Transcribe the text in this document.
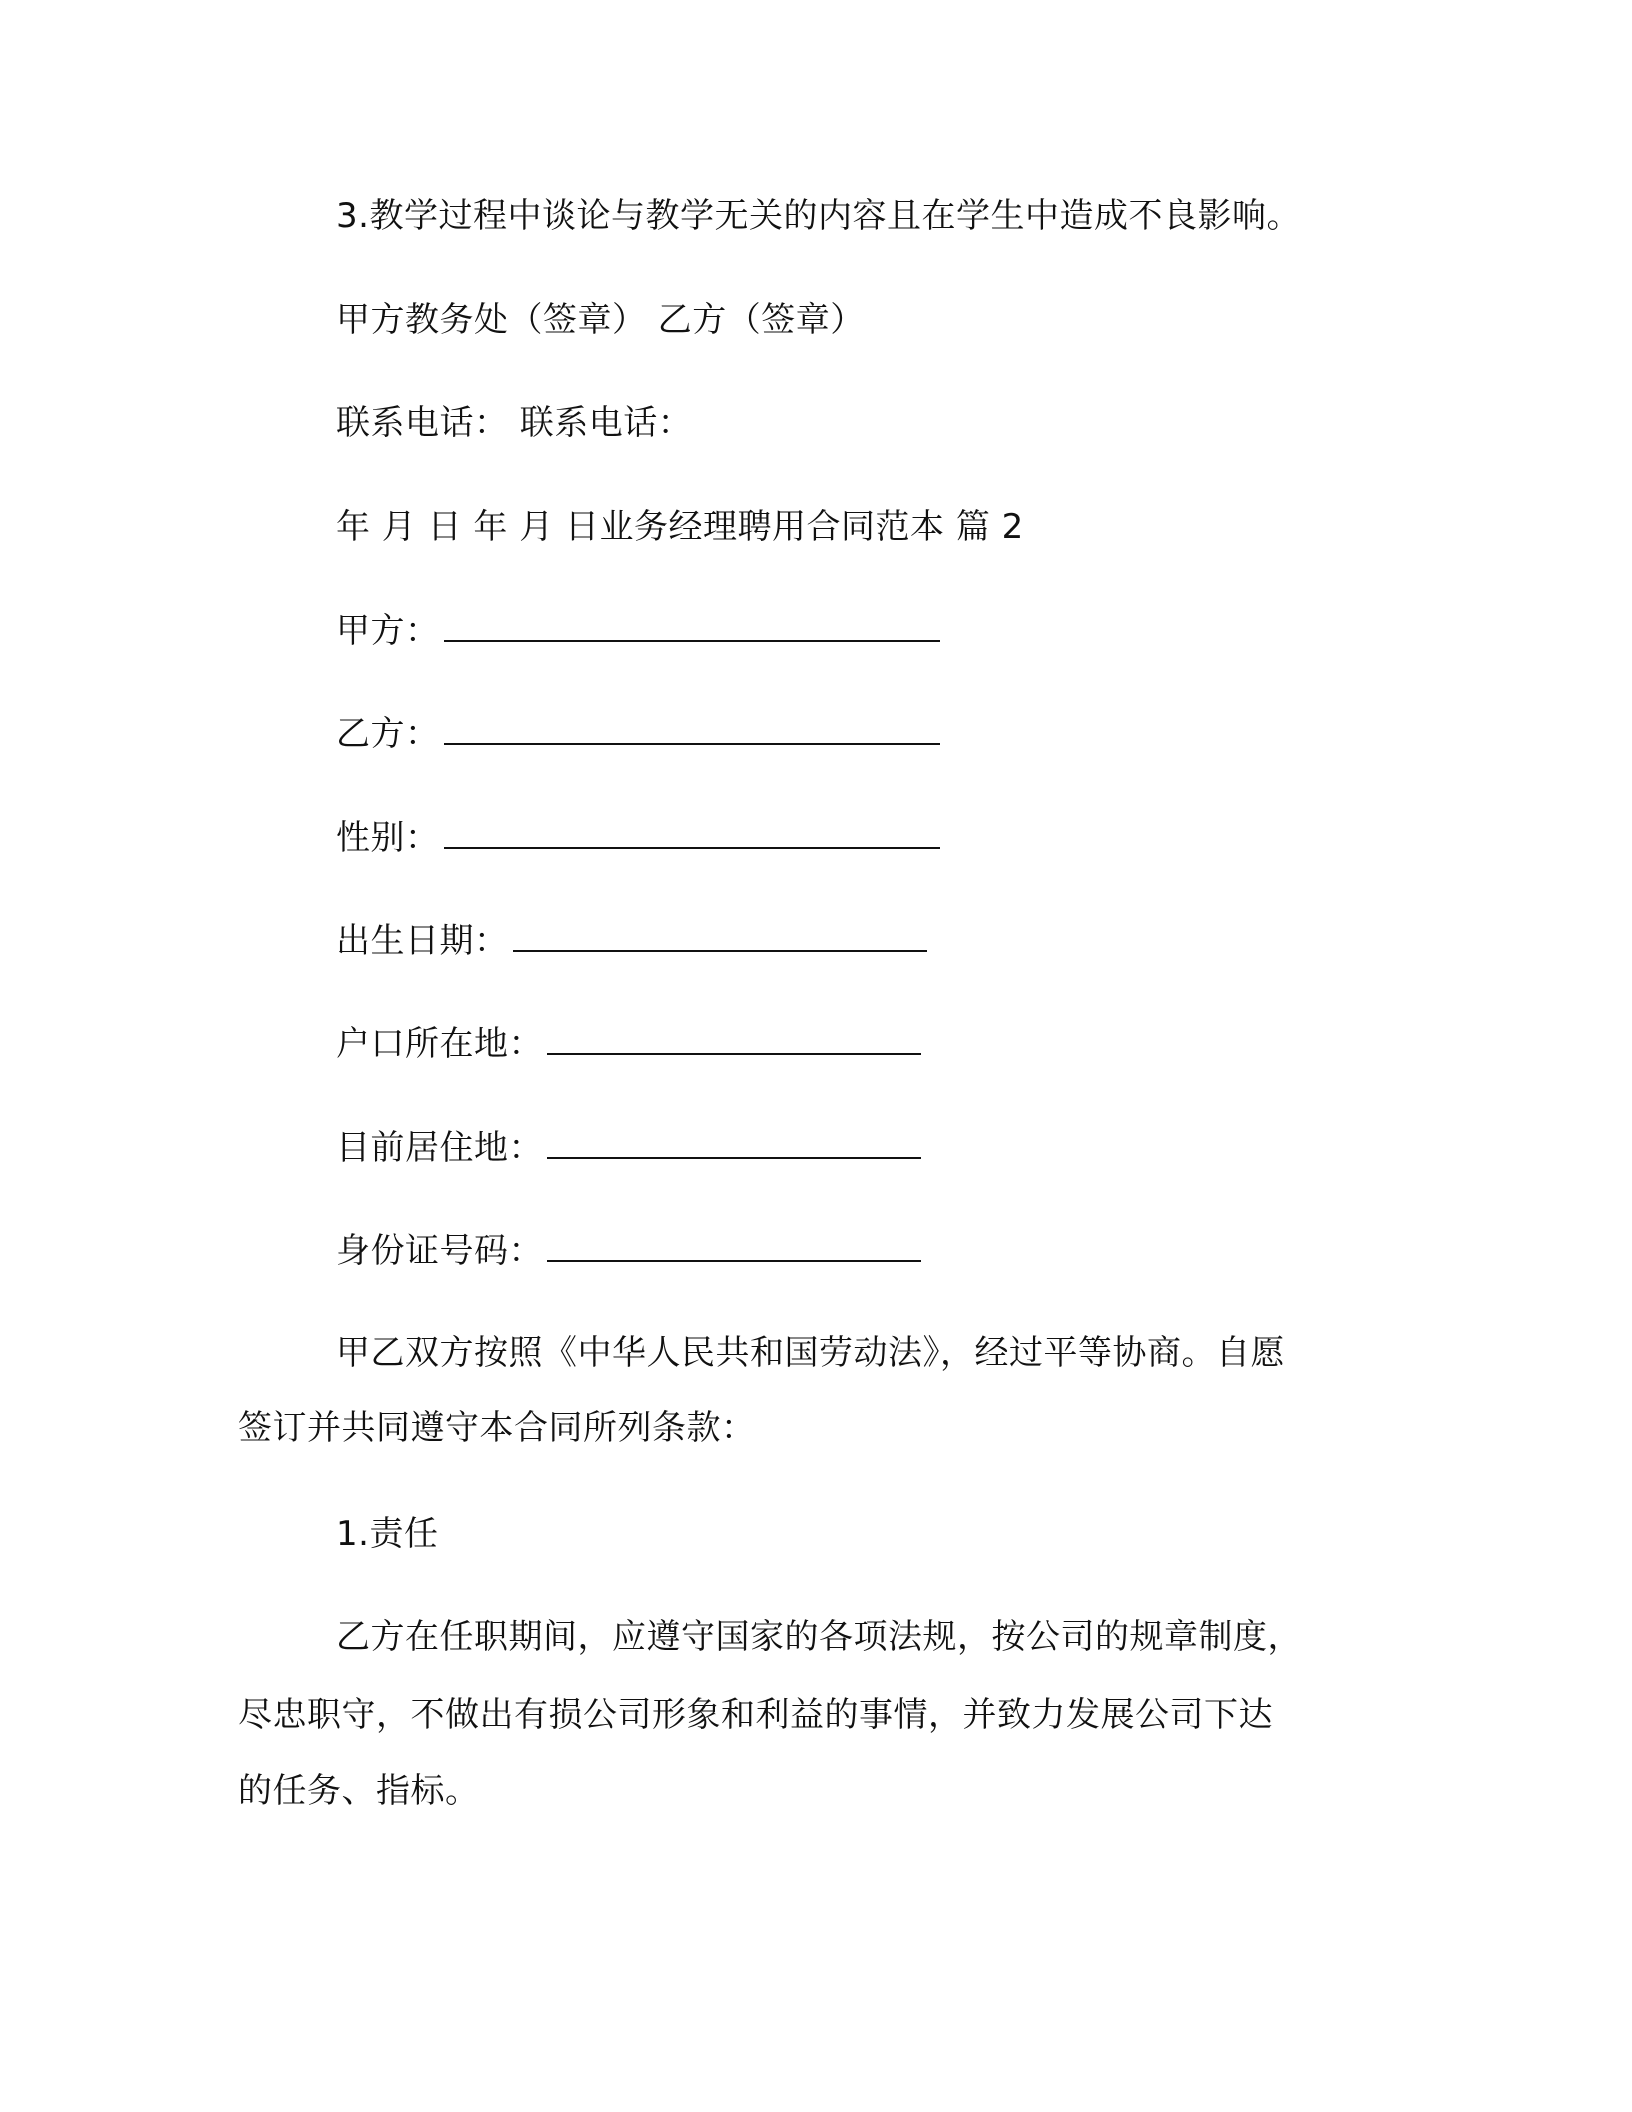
3.教学过程中谈论与教学无关的内容且在学生中造成不良影响。
甲方教务处（签章） 乙方（签章）
联系电话： 联系电话：
年 月 日 年 月 日业务经理聘用合同范本 篇 2
甲方：
乙方：
性别：
出生日期：
户口所在地：
目前居住地：
身份证号码：
甲乙双方按照《中华人民共和国劳动法》，经过平等协商。自愿
签订并共同遵守本合同所列条款：
1.责任
乙方在任职期间，应遵守国家的各项法规，按公司的规章制度，
尽忠职守，不做出有损公司形象和利益的事情，并致力发展公司下达
的任务、指标。
